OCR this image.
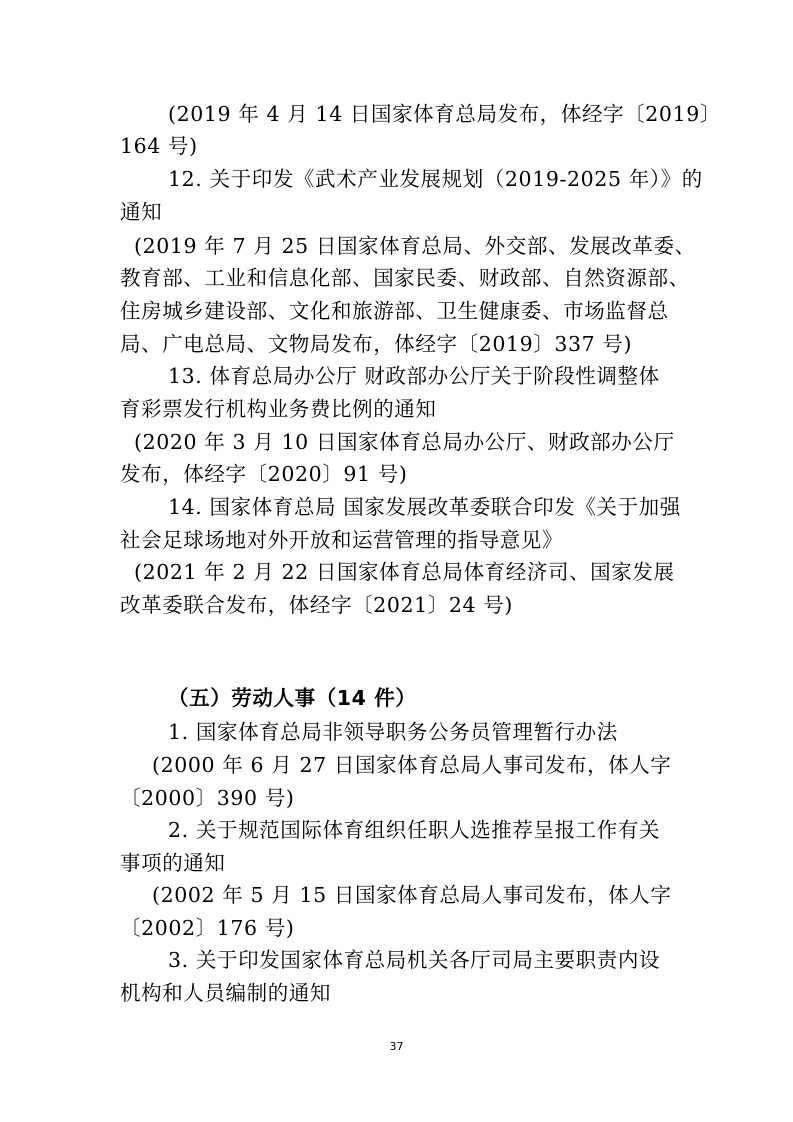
(2019 年 4 月 14 日国家体育总局发布，体经字〔2019〕
164 号)
12. 关于印发《武术产业发展规划（2019-2025 年）》的
通知
(2019 年 7 月 25 日国家体育总局、外交部、发展改革委、
教育部、工业和信息化部、国家民委、财政部、自然资源部、
住房城乡建设部、文化和旅游部、卫生健康委、市场监督总
局、广电总局、文物局发布，体经字〔2019〕337 号)
13. 体育总局办公厅 财政部办公厅关于阶段性调整体
育彩票发行机构业务费比例的通知
(2020 年 3 月 10 日国家体育总局办公厅、财政部办公厅
发布，体经字〔2020〕91 号)
14. 国家体育总局 国家发展改革委联合印发《关于加强
社会足球场地对外开放和运营管理的指导意见》
(2021 年 2 月 22 日国家体育总局体育经济司、国家发展
改革委联合发布，体经字〔2021〕24 号)
（五）劳动人事（14 件）
1. 国家体育总局非领导职务公务员管理暂行办法
(2000 年 6 月 27 日国家体育总局人事司发布，体人字
〔2000〕390 号)
2. 关于规范国际体育组织任职人选推荐呈报工作有关
事项的通知
(2002 年 5 月 15 日国家体育总局人事司发布，体人字
〔2002〕176 号)
3. 关于印发国家体育总局机关各厅司局主要职责内设
机构和人员编制的通知
37
